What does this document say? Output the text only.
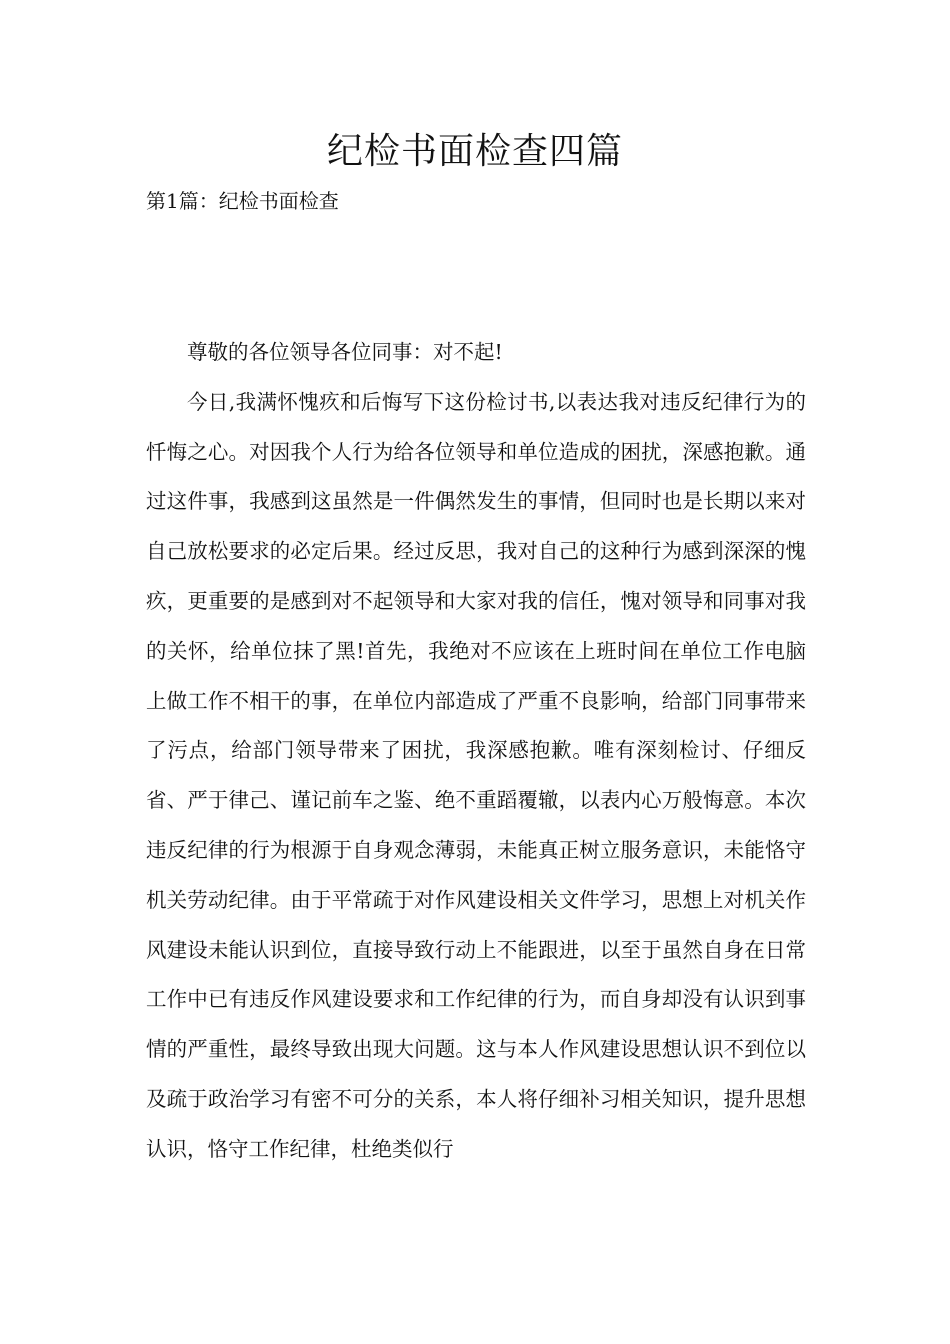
纪检书面检查四篇
第1篇：纪检书面检查

尊敬的各位领导各位同事：对不起!

今日,我满怀愧疚和后悔写下这份检讨书,以表达我对违反纪律行为的忏悔之心。对因我个人行为给各位领导和单位造成的困扰，深感抱歉。通过这件事，我感到这虽然是一件偶然发生的事情，但同时也是长期以来对自己放松要求的必定后果。经过反思，我对自己的这种行为感到深深的愧疚，更重要的是感到对不起领导和大家对我的信任，愧对领导和同事对我的关怀，给单位抹了黑!首先，我绝对不应该在上班时间在单位工作电脑上做工作不相干的事，在单位内部造成了严重不良影响，给部门同事带来了污点，给部门领导带来了困扰，我深感抱歉。唯有深刻检讨、仔细反省、严于律己、谨记前车之鉴、绝不重蹈覆辙，以表内心万般悔意。本次违反纪律的行为根源于自身观念薄弱，未能真正树立服务意识，未能恪守机关劳动纪律。由于平常疏于对作风建设相关文件学习，思想上对机关作风建设未能认识到位，直接导致行动上不能跟进，以至于虽然自身在日常工作中已有违反作风建设要求和工作纪律的行为，而自身却没有认识到事情的严重性，最终导致出现大问题。这与本人作风建设思想认识不到位以及疏于政治学习有密不可分的关系，本人将仔细补习相关知识，提升思想认识，恪守工作纪律，杜绝类似行
